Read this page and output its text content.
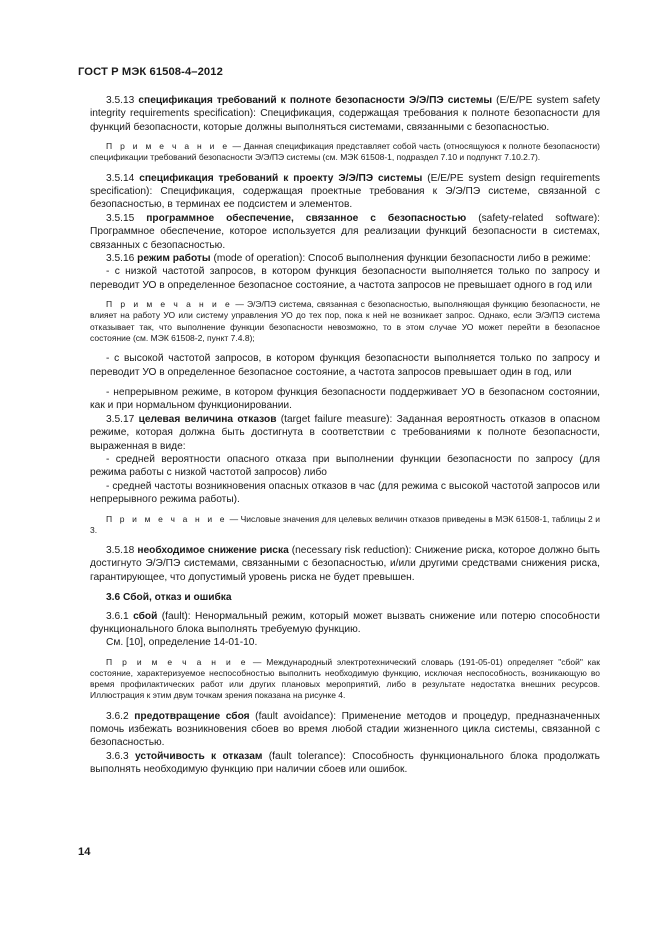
ГОСТ Р МЭК 61508-4–2012

3.5.13 спецификация требований к полноте безопасности Э/Э/ПЭ системы (E/E/PE system safety integrity requirements specification): Спецификация, содержащая требования к полноте безопасности для функций безопасности, которые должны выполняться системами, связанными с безопасностью.

П р и м е ч а н и е — Данная спецификация представляет собой часть (относящуюся к полноте безопасности) спецификации требований безопасности Э/Э/ПЭ системы (см. МЭК 61508-1, подраздел 7.10 и подпункт 7.10.2.7).

3.5.14 спецификация требований к проекту Э/Э/ПЭ системы (E/E/PE system design requirements specification): Спецификация, содержащая проектные требования к Э/Э/ПЭ системе, связанной с безопасностью, в терминах ее подсистем и элементов.

3.5.15 программное обеспечение, связанное с безопасностью (safety-related software): Программное обеспечение, которое используется для реализации функций безопасности в системах, связанных с безопасностью.

3.5.16 режим работы (mode of operation): Способ выполнения функции безопасности либо в режиме:

- с низкой частотой запросов, в котором функция безопасности выполняется только по запросу и переводит УО в определенное безопасное состояние, а частота запросов не превышает одного в год или

П р и м е ч а н и е — Э/Э/ПЭ система, связанная с безопасностью, выполняющая функцию безопасности, не влияет на работу УО или систему управления УО до тех пор, пока к ней не возникает запрос. Однако, если Э/Э/ПЭ система отказывает так, что выполнение функции безопасности невозможно, то в этом случае УО может перейти в безопасное состояние (см. МЭК 61508-2, пункт 7.4.8);

- с высокой частотой запросов, в котором функция безопасности выполняется только по запросу и переводит УО в определенное безопасное состояние, а частота запросов превышает один в год, или

- непрерывном режиме, в котором функция безопасности поддерживает УО в безопасном состоянии, как и при нормальном функционировании.

3.5.17 целевая величина отказов (target failure measure): Заданная вероятность отказов в опасном режиме, которая должна быть достигнута в соответствии с требованиями к полноте безопасности, выраженная в виде:

- средней вероятности опасного отказа при выполнении функции безопасности по запросу (для режима работы с низкой частотой запросов) либо

- средней частоты возникновения опасных отказов в час (для режима с высокой частотой запросов или непрерывного режима работы).

П р и м е ч а н и е — Числовые значения для целевых величин отказов приведены в МЭК 61508-1, таблицы 2 и 3.

3.5.18 необходимое снижение риска (necessary risk reduction): Снижение риска, которое должно быть достигнуто Э/Э/ПЭ системами, связанными с безопасностью, и/или другими средствами снижения риска, гарантирующее, что допустимый уровень риска не будет превышен.

3.6 Сбой, отказ и ошибка

3.6.1 сбой (fault): Ненормальный режим, который может вызвать снижение или потерю способности функционального блока выполнять требуемую функцию.

См. [10], определение 14-01-10.

П р и м е ч а н и е — Международный электротехнический словарь (191-05-01) определяет "сбой" как состояние, характеризуемое неспособностью выполнить необходимую функцию, исключая неспособность, возникающую во время профилактических работ или других плановых мероприятий, либо в результате недостатка внешних ресурсов. Иллюстрация к этим двум точкам зрения показана на рисунке 4.

3.6.2 предотвращение сбоя (fault avoidance): Применение методов и процедур, предназначенных помочь избежать возникновения сбоев во время любой стадии жизненного цикла системы, связанной с безопасностью.

3.6.3 устойчивость к отказам (fault tolerance): Способность функционального блока продолжать выполнять необходимую функцию при наличии сбоев или ошибок.

14
